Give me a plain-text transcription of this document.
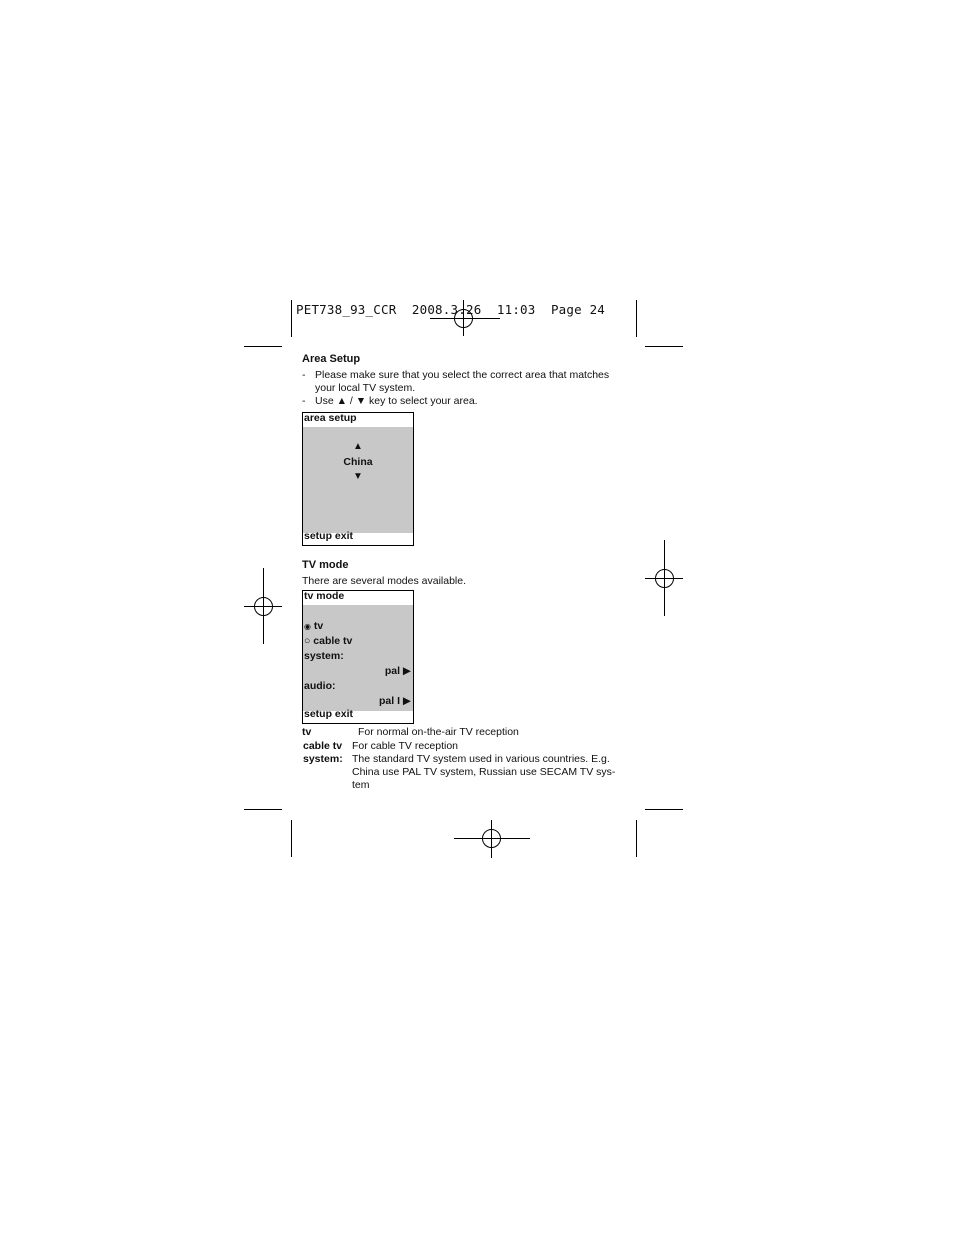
PET738_93_CCR  2008.3.26  11:03  Page 24
Area Setup
- Please make sure that you select the correct area that matches your local TV system.
- Use ▲ / ▼ key to select your area.
area setup
▲
China
▼
setup exit
TV mode
There are several modes available.
tv mode
◉ tv
○ cable tv
system:
pal ▶
audio:
pal I ▶
setup exit
tv	For normal on-the-air TV reception
cable tv For cable TV reception
system: The standard TV system used in various countries. E.g. China use PAL TV system, Russian use SECAM TV sys-tem
